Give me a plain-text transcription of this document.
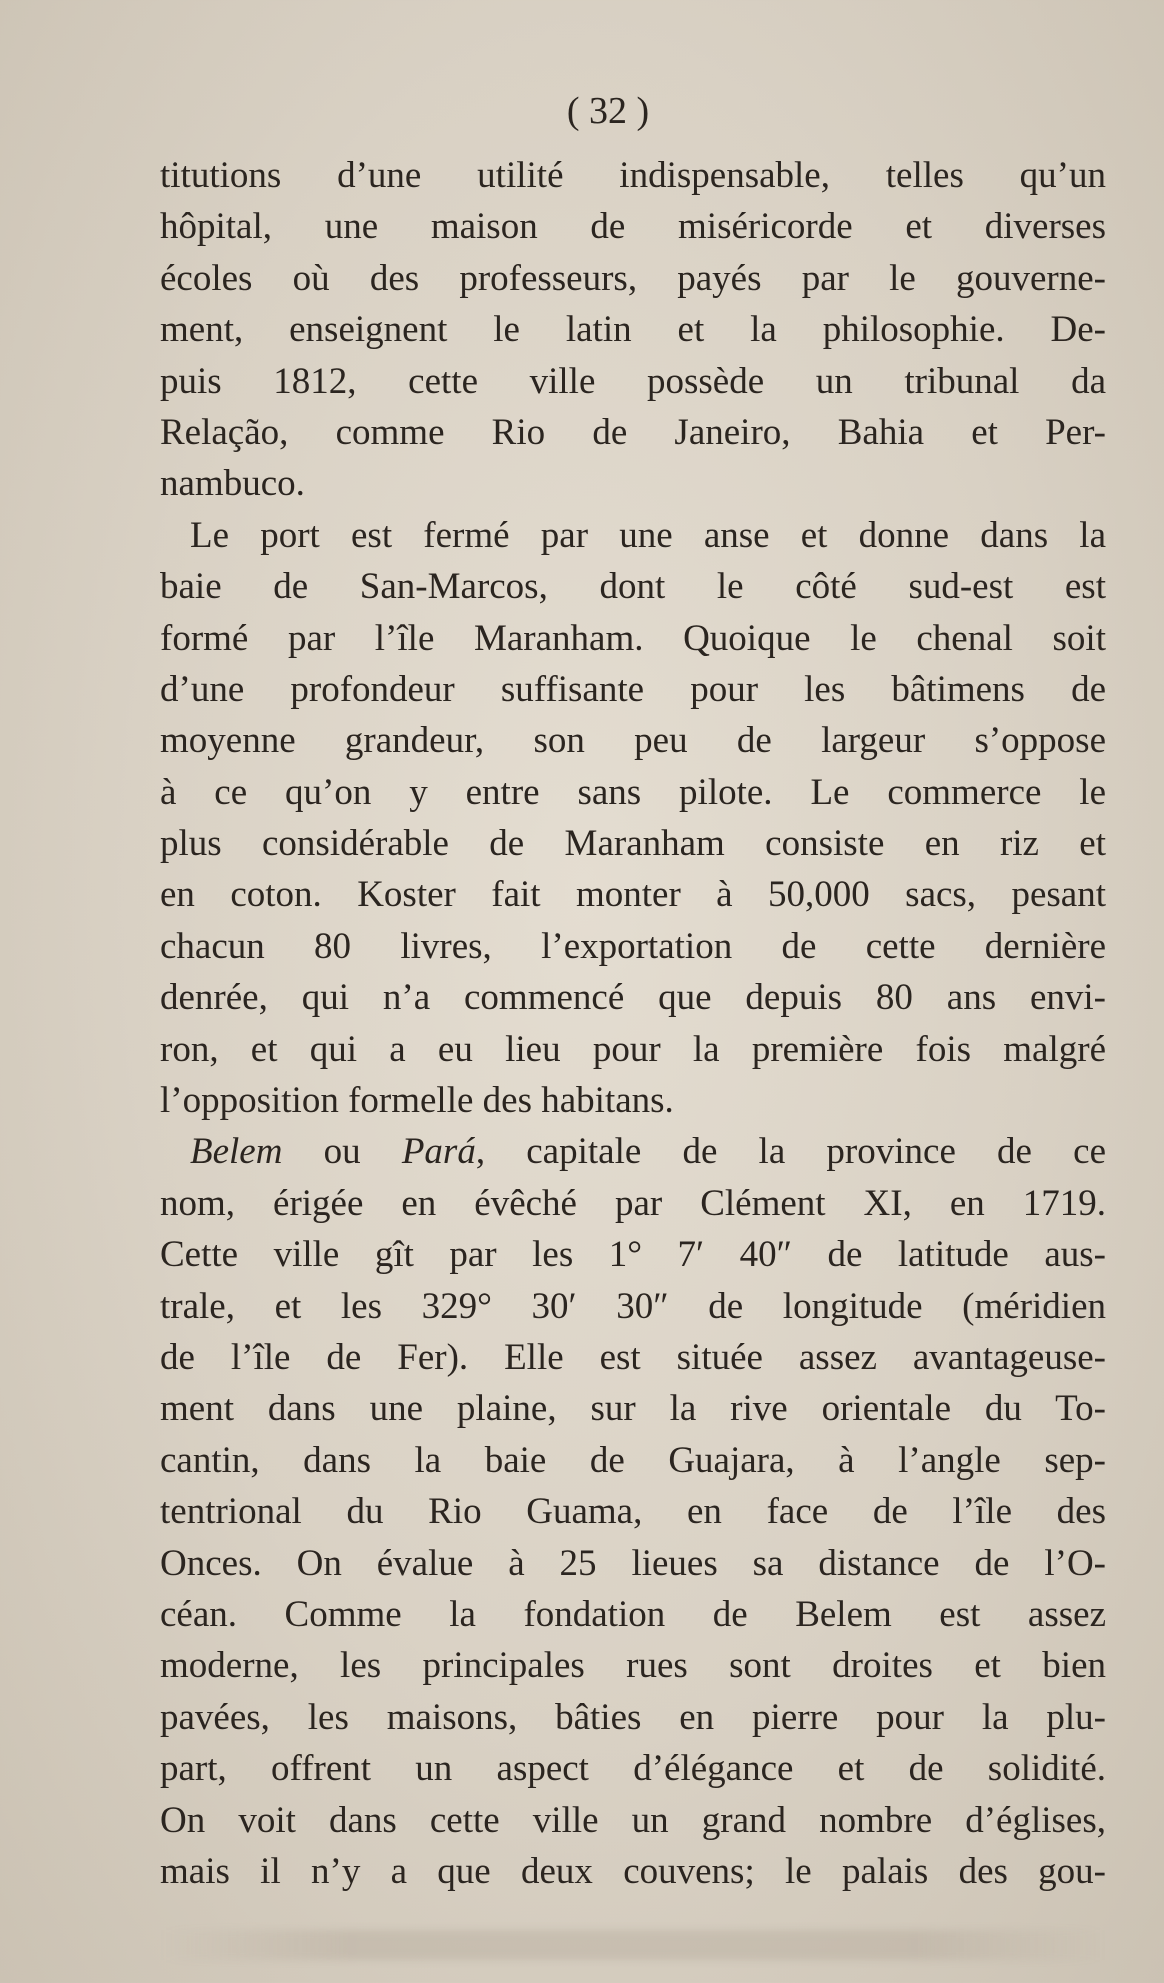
( 32 )
titutions d’une utilité indispensable, telles qu’un
hôpital, une maison de miséricorde et diverses
écoles où des professeurs, payés par le gouverne-
ment, enseignent le latin et la philosophie. De-
puis 1812, cette ville possède un tribunal da
Relação, comme Rio de Janeiro, Bahia et Per-
nambuco.
Le port est fermé par une anse et donne dans la
baie de San-Marcos, dont le côté sud-est est
formé par l’île Maranham. Quoique le chenal soit
d’une profondeur suffisante pour les bâtimens de
moyenne grandeur, son peu de largeur s’oppose
à ce qu’on y entre sans pilote. Le commerce le
plus considérable de Maranham consiste en riz et
en coton. Koster fait monter à 50,000 sacs, pesant
chacun 80 livres, l’exportation de cette dernière
denrée, qui n’a commencé que depuis 80 ans envi-
ron, et qui a eu lieu pour la première fois malgré
l’opposition formelle des habitans.
Belem ou Pará, capitale de la province de ce
nom, érigée en évêché par Clément XI, en 1719.
Cette ville gît par les 1° 7′ 40″ de latitude aus-
trale, et les 329° 30′ 30″ de longitude (méridien
de l’île de Fer). Elle est située assez avantageuse-
ment dans une plaine, sur la rive orientale du To-
cantin, dans la baie de Guajara, à l’angle sep-
tentrional du Rio Guama, en face de l’île des
Onces. On évalue à 25 lieues sa distance de l’O-
céan. Comme la fondation de Belem est assez
moderne, les principales rues sont droites et bien
pavées, les maisons, bâties en pierre pour la plu-
part, offrent un aspect d’élégance et de solidité.
On voit dans cette ville un grand nombre d’églises,
mais il n’y a que deux couvens; le palais des gou-
